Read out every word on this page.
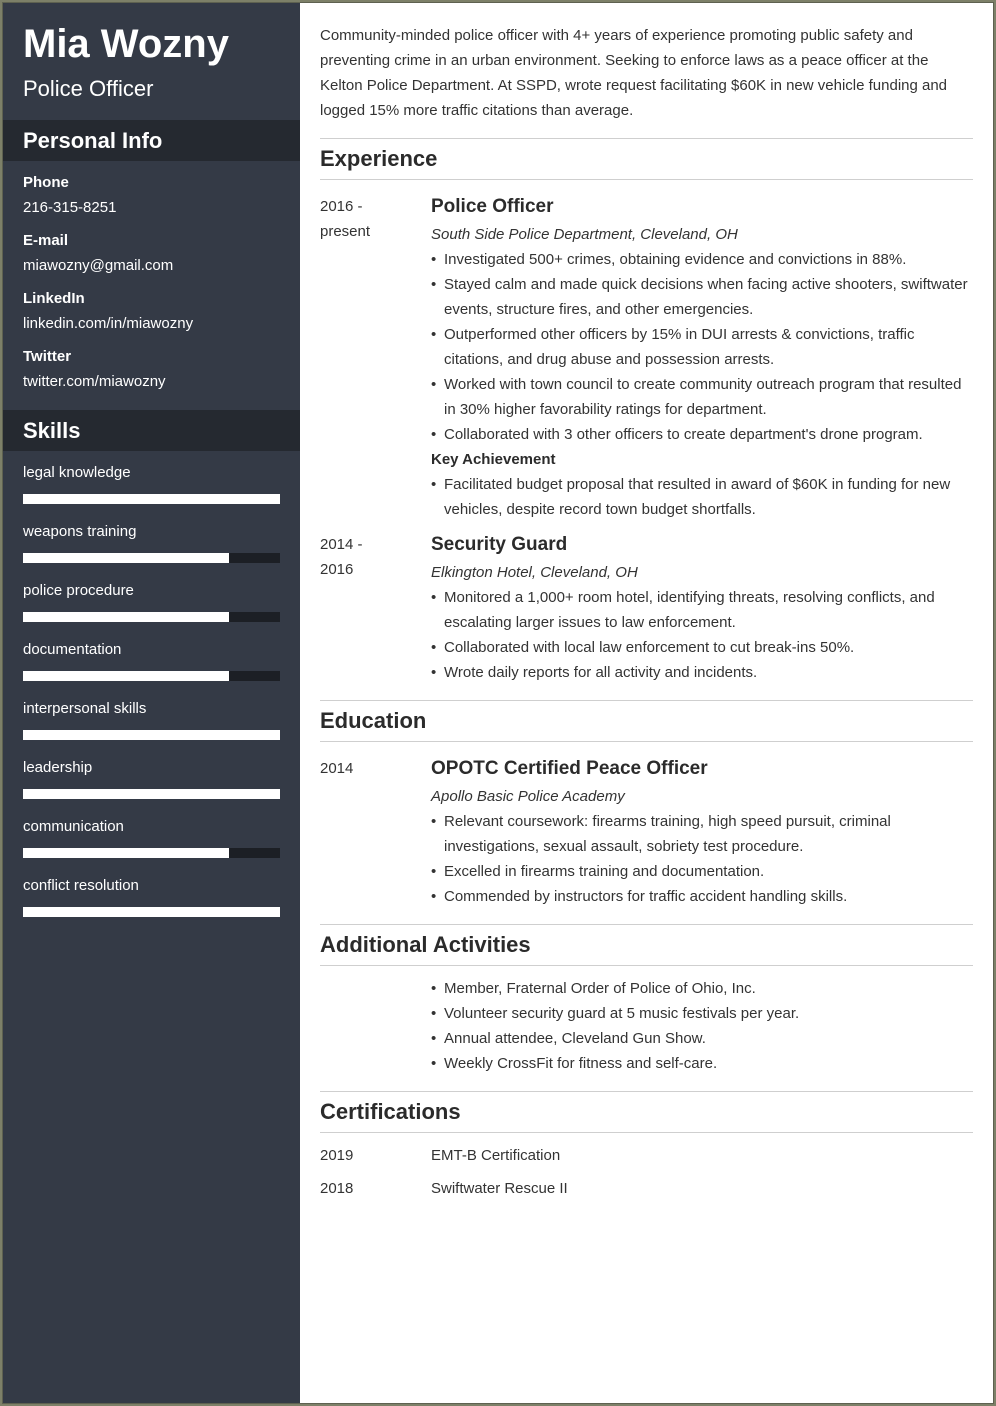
Mia Wozny
Police Officer
Personal Info
Phone
216-315-8251
E-mail
miawozny@gmail.com
LinkedIn
linkedin.com/in/miawozny
Twitter
twitter.com/miawozny
Skills
legal knowledge
weapons training
police procedure
documentation
interpersonal skills
leadership
communication
conflict resolution
Community-minded police officer with 4+ years of experience promoting public safety and preventing crime in an urban environment. Seeking to enforce laws as a peace officer at the Kelton Police Department. At SSPD, wrote request facilitating $60K in new vehicle funding and logged 15% more traffic citations than average.
Experience
2016 -
present
Police Officer
South Side Police Department, Cleveland, OH
• Investigated 500+ crimes, obtaining evidence and convictions in 88%.
• Stayed calm and made quick decisions when facing active shooters, swiftwater events, structure fires, and other emergencies.
• Outperformed other officers by 15% in DUI arrests & convictions, traffic citations, and drug abuse and possession arrests.
• Worked with town council to create community outreach program that resulted in 30% higher favorability ratings for department.
• Collaborated with 3 other officers to create department's drone program.
Key Achievement
• Facilitated budget proposal that resulted in award of $60K in funding for new vehicles, despite record town budget shortfalls.
2014 -
2016
Security Guard
Elkington Hotel, Cleveland, OH
• Monitored a 1,000+ room hotel, identifying threats, resolving conflicts, and escalating larger issues to law enforcement.
• Collaborated with local law enforcement to cut break-ins 50%.
• Wrote daily reports for all activity and incidents.
Education
2014	OPOTC Certified Peace Officer
Apollo Basic Police Academy
• Relevant coursework: firearms training, high speed pursuit, criminal investigations, sexual assault, sobriety test procedure.
• Excelled in firearms training and documentation.
• Commended by instructors for traffic accident handling skills.
Additional Activities
• Member, Fraternal Order of Police of Ohio, Inc.
• Volunteer security guard at 5 music festivals per year.
• Annual attendee, Cleveland Gun Show.
• Weekly CrossFit for fitness and self-care.
Certifications
2019	EMT-B Certification
2018	Swiftwater Rescue II
